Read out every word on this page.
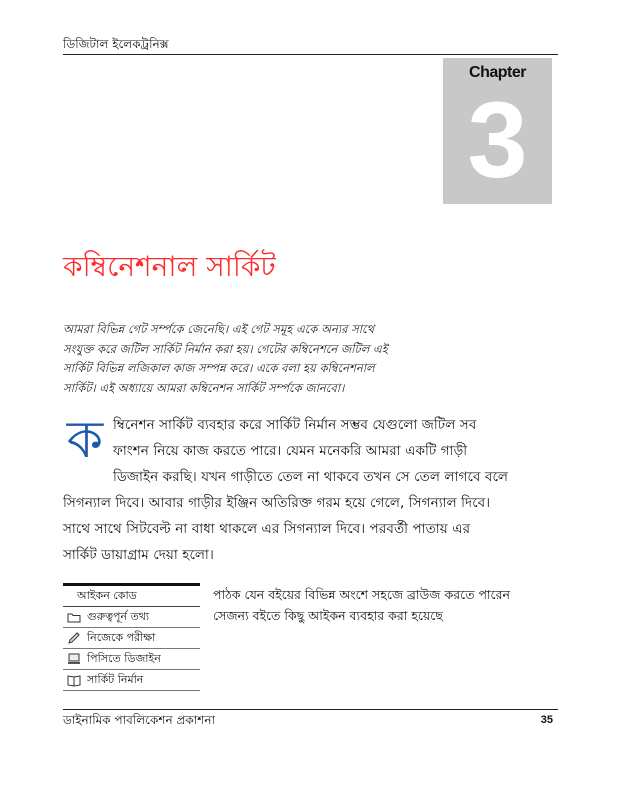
ডিজিটাল ইলেকট্রনিক্স
Chapter
3
কম্বিনেশনাল সার্কিট
আমরা বিভিন্ন গেট সর্ম্পকে জেনেছি। এই গেট সমূহ একে অন্যর সাথে
সংযুক্ত করে জটিল সার্কিট নির্মান করা হয়। গেটের কম্বিনেশনে জটিল এই
সার্কিট বিভিন্ন লজিকাল কাজ সম্পন্ন করে। একে বলা হয় কম্বিনেশনাল
সার্কিট। এই অধ্যায়ে আমরা কম্বিনেশন সার্কিট সর্ম্পকে জানবো।
ক ম্বিনেশন সার্কিট ব্যবহার করে সার্কিট নির্মান সম্ভব যেগুলো জটিল সব
ফাংশন নিয়ে কাজ করতে পারে। যেমন মনেকরি আমরা একটি গাড়ী
ডিজাইন করছি। যখন গাড়ীতে তেল না থাকবে তখন সে তেল লাগবে বলে
সিগন্যাল দিবে। আবার গাড়ীর ইঞ্জিন অতিরিক্ত গরম হয়ে গেলে, সিগন্যাল দিবে।
সাথে সাথে সিটবেল্ট না বাধা থাকলে এর সিগন্যাল দিবে। পরবর্তী পাতায় এর
সার্কিট ডায়াগ্রাম দেয়া হলো।
আইকন কোড
গুরুত্বপূর্ন তথ্য
নিজেকে পরীক্ষা
পিসিতে ডিজাইন
সার্কিট নির্মান
পাঠক যেন বইয়ের বিভিন্ন অংশে সহজে ব্রাউজ করতে পারেন
সেজন্য বইতে কিছু আইকন ব্যবহার করা হয়েছে
ডাইনামিক পাবলিকেশন প্রকাশনা	35
